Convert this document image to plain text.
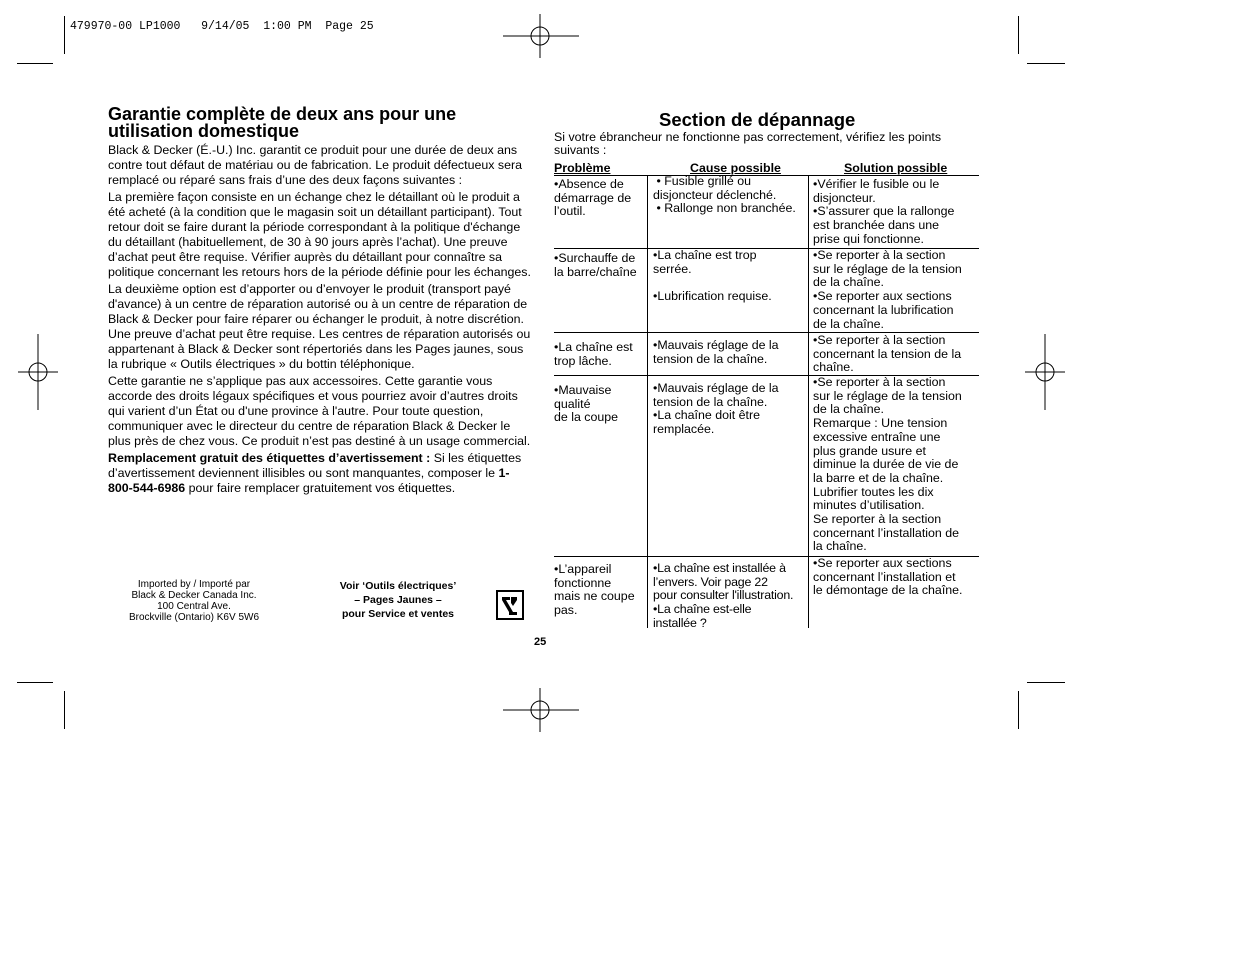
479970-00 LP1000   9/14/05  1:00 PM  Page 25
Garantie complète de deux ans pour une utilisation domestique

Black & Decker (É.-U.) Inc. garantit ce produit pour une durée de deux ans contre tout défaut de matériau ou de fabrication. Le produit défectueux sera remplacé ou réparé sans frais d’une des deux façons suivantes :

La première façon consiste en un échange chez le détaillant où le produit a été acheté (à la condition que le magasin soit un détaillant participant). Tout retour doit se faire durant la période correspondant à la politique d'échange du détaillant (habituellement, de 30 à 90 jours après l’achat). Une preuve d’achat peut être requise. Vérifier auprès du détaillant pour connaître sa politique concernant les retours hors de la période définie pour les échanges.

La deuxième option est d’apporter ou d’envoyer le produit (transport payé d'avance) à un centre de réparation autorisé ou à un centre de réparation de Black & Decker pour faire réparer ou échanger le produit, à notre discrétion. Une preuve d’achat peut être requise. Les centres de réparation autorisés ou appartenant à Black & Decker sont répertoriés dans les Pages jaunes, sous la rubrique « Outils électriques » du bottin téléphonique.

Cette garantie ne s’applique pas aux accessoires. Cette garantie vous accorde des droits légaux spécifiques et vous pourriez avoir d’autres droits qui varient d’un État ou d'une province à l'autre. Pour toute question, communiquer avec le directeur du centre de réparation Black & Decker le plus près de chez vous. Ce produit n’est pas destiné à un usage commercial.

Remplacement gratuit des étiquettes d’avertissement : Si les étiquettes d’avertissement deviennent illisibles ou sont manquantes, composer le 1-800-544-6986 pour faire remplacer gratuitement vos étiquettes.

Imported by / Importé par
Black & Decker Canada Inc.
100 Central Ave.
Brockville (Ontario) K6V 5W6
Voir ‘Outils électriques’
– Pages Jaunes –
pour Service et ventes
Section de dépannage
Si votre ébrancheur ne fonctionne pas correctement, vérifiez les points suivants :
Problème	Cause possible	Solution possible
•Absence de
démarrage de
l’outil.
• Fusible grillé ou
disjoncteur déclenché.
• Rallonge non branchée.
•Vérifier le fusible ou le
disjoncteur.
•S’assurer que la rallonge
est branchée dans une
prise qui fonctionne.
•Surchauffe de
la barre/chaîne
•La chaîne est trop
serrée.

•Lubrification requise.
•Se reporter à la section
sur le réglage de la tension
de la chaîne.
•Se reporter aux sections
concernant la lubrification
de la chaîne.
•La chaîne est
trop lâche.
•Mauvais réglage de la
tension de la chaîne.
•Se reporter à la section
concernant la tension de la
chaîne.
•Mauvaise
qualité
de la coupe
•Mauvais réglage de la
tension de la chaîne.
•La chaîne doit être
remplacée.
•Se reporter à la section
sur le réglage de la tension
de la chaîne.
Remarque : Une tension
excessive entraîne une
plus grande usure et
diminue la durée de vie de
la barre et de la chaîne.
Lubrifier toutes les dix
minutes d’utilisation.
Se reporter à la section
concernant l’installation de
la chaîne.
•L’appareil
fonctionne
mais ne coupe
pas.
•La chaîne est installée à
l’envers. Voir page 22
pour consulter l'illustration.
•La chaîne est-elle
installée ?
•Se reporter aux sections
concernant l’installation et
le démontage de la chaîne.
25
